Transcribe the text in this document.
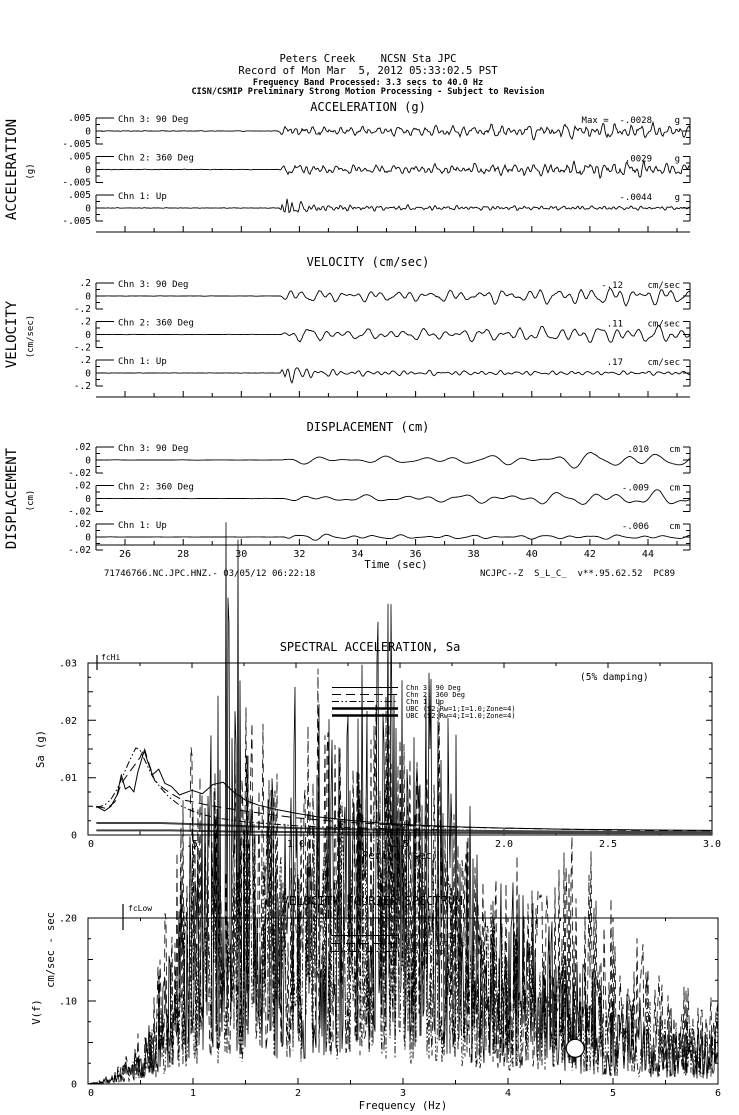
ACCELERATION (g)
ACCELERATION (g)
.005
0
-.005
Chn 3: 90 Deg	Max =  -.0028	g
.005
0
-.005
Chn 2: 360 Deg	.0029	g
.005
0
-.005
Chn 1: Up	-.0044	g
VELOCITY (cm/sec)
VELOCITY (cm/sec)
.2
0
-.2
Chn 3: 90 Deg	-.12	cm/sec
.2
0
-.2
Chn 2: 360 Deg	.11	cm/sec
.2
0
-.2
Chn 1: Up	.17	cm/sec
DISPLACEMENT (cm)
DISPLACEMENT (cm)
.02
0
-.02
Chn 3: 90 Deg	.010 cm
.02
0
-.02
Chn 2: 360 Deg	-.009 cm
.02
0
-.02
Chn 1: Up	-.006 cm
26	28	30	32	34	36	38	40	42	44
Time (sec)
SPECTRAL ACCELERATION, Sa
Sa (g)
.03
.02
.01
0
0	.5	1.0	1.5	2.0	2.5	3.0
Period (sec)
(5% damping)
fcHi
Chn 3: 90 Deg
Chn 2: 360 Deg
Chn 1: Up
UBC (S2;Rw=1;I=1.0;Zone=4)
UBC (S2;Rw=4;I=1.0;Zone=4)
VELOCITY FOURIER SPECTRUM
cm/sec - sec
V(f)
.20
.10
0
0	1	2	3	4	5	6
Frequency (Hz)
fcLow
Chn 3: 90 Deg
Chn 2: 360 Deg
Chn 1: Up
Peters Creek    NCSN Sta JPC
Record of Mon Mar  5, 2012 05:33:02.5 PST
Frequency Band Processed: 3.3 secs to 40.0 Hz
CISN/CSMIP Preliminary Strong Motion Processing - Subject to Revision
71746766.NC.JPC.HNZ.- 03/05/12 06:22:18	NCJPC--Z  S_L_C_  v**.95.62.52  PC89
